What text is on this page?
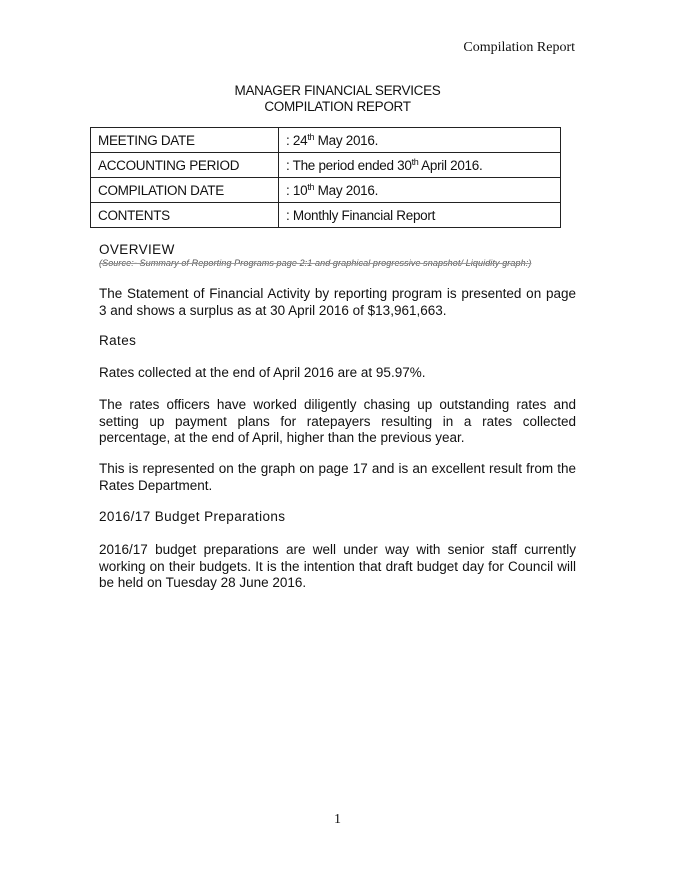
Compilation Report
MANAGER FINANCIAL SERVICES
COMPILATION REPORT
MEETING DATE	: 24th May 2016.
ACCOUNTING PERIOD	: The period ended 30th April 2016.
COMPILATION DATE	: 10th May 2016.
CONTENTS	: Monthly Financial Report
OVERVIEW
(Source:- Summary of Reporting Programs page 2:1 and graphical progressive snapshot/ Liquidity graph:)
The Statement of Financial Activity by reporting program is presented on page 3 and shows a surplus as at 30 April 2016 of $13,961,663.
Rates
Rates collected at the end of April 2016 are at 95.97%.
The rates officers have worked diligently chasing up outstanding rates and setting up payment plans for ratepayers resulting in a rates collected percentage, at the end of April, higher than the previous year.
This is represented on the graph on page 17 and is an excellent result from the Rates Department.
2016/17 Budget Preparations
2016/17 budget preparations are well under way with senior staff currently working on their budgets. It is the intention that draft budget day for Council will be held on Tuesday 28 June 2016.
1
